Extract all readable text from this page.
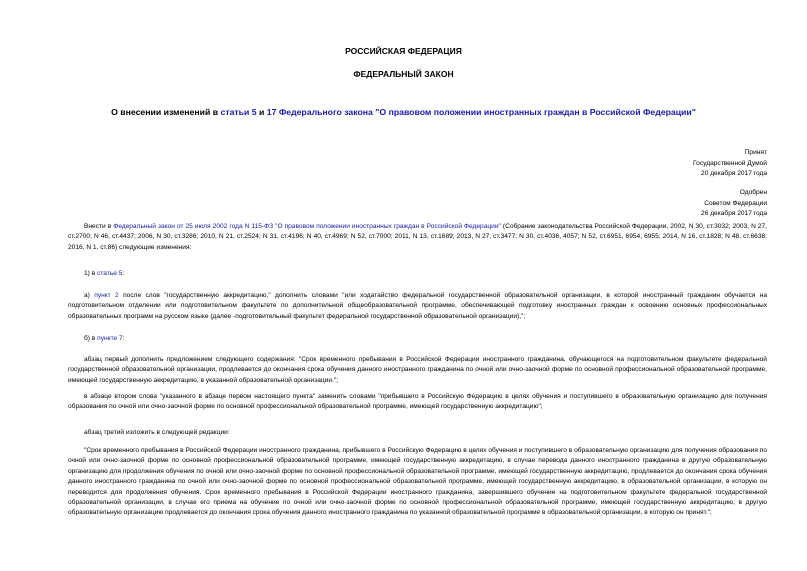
РОССИЙСКАЯ ФЕДЕРАЦИЯ
ФЕДЕРАЛЬНЫЙ ЗАКОН
О внесении изменений в статьи 5 и 17 Федерального закона "О правовом положении иностранных граждан в Российской Федерации"
Принят
Государственной Думой
20 декабря 2017 года
Одобрен
Советом Федерации
26 декабря 2017 года
Внести в Федеральный закон от 25 июля 2002 года N 115-ФЗ "О правовом положении иностранных граждан в Российской Федерации" (Собрание законодательства Российской Федерации, 2002, N 30, ст.3032; 2003, N 27, ст.2700; N 46, ст.4437; 2006, N 30, ст.3286; 2010, N 21, ст.2524; N 31, ст.4196; N 40, ст.4969; N 52, ст.7000; 2011, N 13, ст.1689; 2013, N 27, ст.3477; N 30, ст.4036, 4057; N 52, ст.6951, 6954, 6955; 2014, N 16, ст.1828; N 48, ст.6638; 2016, N 1, ст.86) следующие изменения:
1) в статье 5:
а) пункт 2 после слов "государственную аккредитацию," дополнить словами "или ходатайство федеральной государственной образовательной организации, в которой иностранный гражданин обучается на подготовительном отделении или подготовительном факультете по дополнительной общеобразовательной программе, обеспечивающей подготовку иностранных граждан к освоению основных профессиональных образовательных программ на русском языке (далее -подготовительный факультет федеральной государственной образовательной организации),";
б) в пункте 7:
абзац первый дополнить предложением следующего содержания: "Срок временного пребывания в Российской Федерации иностранного гражданина, обучающегося на подготовительном факультете федеральной государственной образовательной организации, продлевается до окончания срока обучения данного иностранного гражданина по очной или очно-заочной форме по основной профессиональной образовательной программе, имеющей государственную аккредитацию, в указанной образовательной организации.";
в абзаце втором слова "указанного в абзаце первом настоящего пункта" заменить словами "прибывшего в Российскую Федерацию в целях обучения и поступившего в образовательную организацию для получения образования по очной или очно-заочной форме по основной профессиональной образовательной программе, имеющей государственную аккредитацию";
абзац третий изложить в следующей редакции:
"Срок временного пребывания в Российской Федерации иностранного гражданина, прибывшего в Российскую Федерацию в целях обучения и поступившего в образовательную организацию для получения образования по очной или очно-заочной форме по основной профессиональной образовательной программе, имеющей государственную аккредитацию, в случае перевода данного иностранного гражданина в другую образовательную организацию для продолжения обучения по очной или очно-заочной форме по основной профессиональной образовательной программе, имеющей государственную аккредитацию, продлевается до окончания срока обучения данного иностранного гражданина по очной или очно-заочной форме по основной профессиональной образовательной программе, имеющей государственную аккредитацию, в образовательной организации, в которую он переводится для продолжения обучения. Срок временного пребывания в Российской Федерации иностранного гражданина, завершившего обучение на подготовительном факультете федеральной государственной образовательной организации, в случае его приема на обучение по очной или очно-заочной форме по основной профессиональной образовательной программе, имеющей государственную аккредитацию, в другую образовательную организацию продлевается до окончания срока обучения данного иностранного гражданина по указанной образовательной программе в образовательной организации, в которую он принят.";
